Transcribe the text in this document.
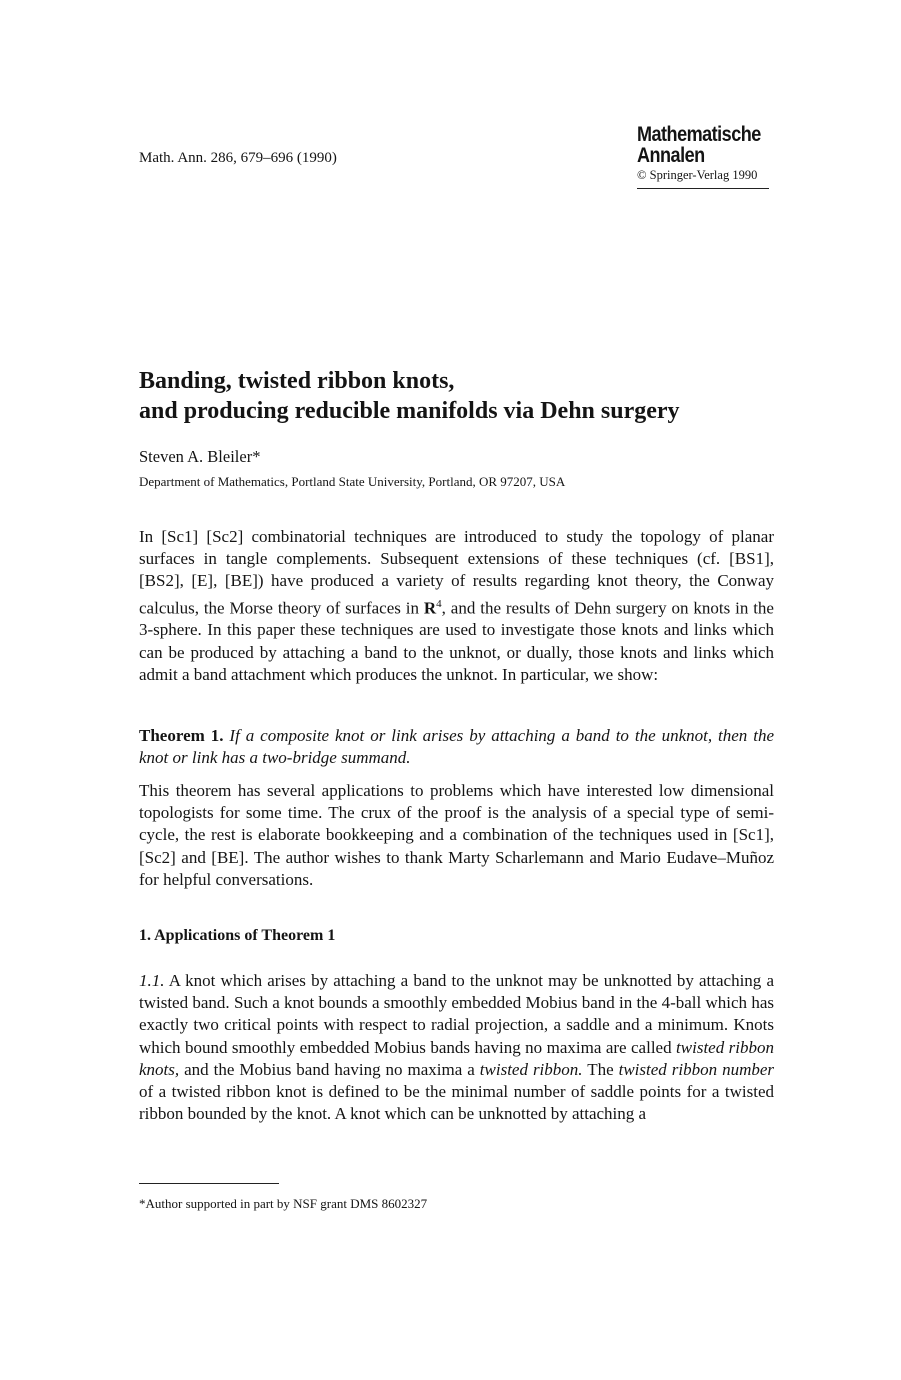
Math. Ann. 286, 679–696 (1990)
Mathematische
Annalen
© Springer-Verlag 1990
Banding, twisted ribbon knots,
and producing reducible manifolds via Dehn surgery
Steven A. Bleiler*
Department of Mathematics, Portland State University, Portland, OR 97207, USA

In [Sc1] [Sc2] combinatorial techniques are introduced to study the topology of planar surfaces in tangle complements. Subsequent extensions of these techniques (cf. [BS1], [BS2], [E], [BE]) have produced a variety of results regarding knot theory, the Conway calculus, the Morse theory of surfaces in $R^4$, and the results of Dehn surgery on knots in the 3-sphere. In this paper these techniques are used to investigate those knots and links which can be produced by attaching a band to the unknot, or dually, those knots and links which admit a band attachment which produces the unknot. In particular, we show:

Theorem 1. If a composite knot or link arises by attaching a band to the unknot, then the knot or link has a two-bridge summand.

This theorem has several applications to problems which have interested low dimensional topologists for some time. The crux of the proof is the analysis of a special type of semi-cycle, the rest is elaborate bookkeeping and a combination of the techniques used in [Sc1], [Sc2] and [BE]. The author wishes to thank Marty Scharlemann and Mario Eudave–Muñoz for helpful conversations.

1. Applications of Theorem 1

1.1. A knot which arises by attaching a band to the unknot may be unknotted by attaching a twisted band. Such a knot bounds a smoothly embedded Mobius band in the 4-ball which has exactly two critical points with respect to radial projection, a saddle and a minimum. Knots which bound smoothly embedded Mobius bands having no maxima are called twisted ribbon knots, and the Mobius band having no maxima a twisted ribbon. The twisted ribbon number of a twisted ribbon knot is defined to be the minimal number of saddle points for a twisted ribbon bounded by the knot. A knot which can be unknotted by attaching a

*Author supported in part by NSF grant DMS 8602327
